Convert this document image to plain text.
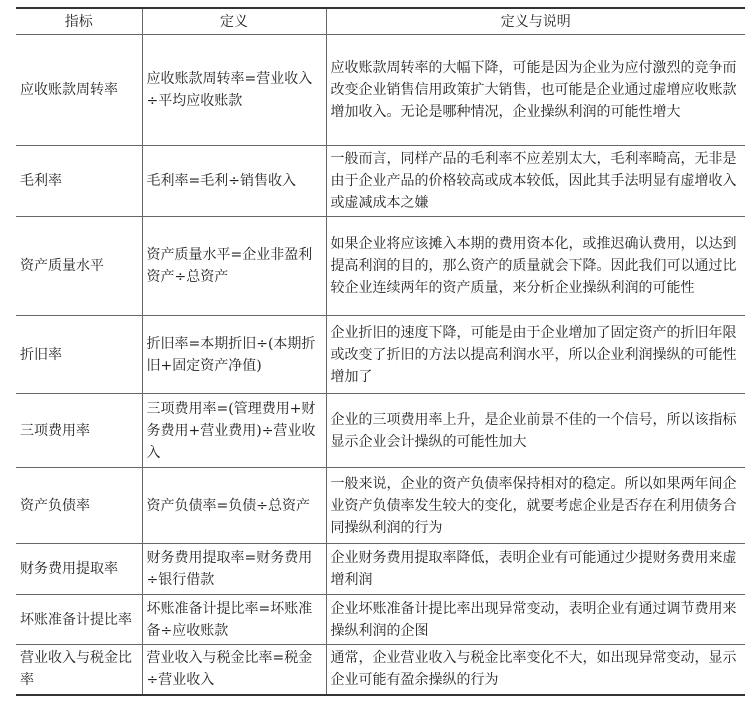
指标	定义	定义与说明
应收账款周转率	应收账款周转率=营业收入÷平均应收账款	应收账款周转率的大幅下降，可能是因为企业为应付激烈的竞争而改变企业销售信用政策扩大销售，也可能是企业通过虚增应收账款增加收入。无论是哪种情况，企业操纵利润的可能性增大
毛利率	毛利率=毛利÷销售收入	一般而言，同样产品的毛利率不应差别太大，毛利率畸高，无非是由于企业产品的价格较高或成本较低，因此其手法明显有虚增收入或虚减成本之嫌
资产质量水平	资产质量水平=企业非盈利资产÷总资产	如果企业将应该摊入本期的费用资本化，或推迟确认费用，以达到提高利润的目的，那么资产的质量就会下降。因此我们可以通过比较企业连续两年的资产质量，来分析企业操纵利润的可能性
折旧率	折旧率=本期折旧÷(本期折旧+固定资产净值)	企业折旧的速度下降，可能是由于企业增加了固定资产的折旧年限或改变了折旧的方法以提高利润水平，所以企业利润操纵的可能性增加了
三项费用率	三项费用率=(管理费用+财务费用+营业费用)÷营业收入	企业的三项费用率上升，是企业前景不佳的一个信号，所以该指标显示企业会计操纵的可能性加大
资产负债率	资产负债率=负债÷总资产	一般来说，企业的资产负债率保持相对的稳定。所以如果两年间企业资产负债率发生较大的变化，就要考虑企业是否存在利用债务合同操纵利润的行为
财务费用提取率	财务费用提取率=财务费用÷银行借款	企业财务费用提取率降低，表明企业有可能通过少提财务费用来虚增利润
坏账准备计提比率	坏账准备计提比率=坏账准备÷应收账款	企业坏账准备计提比率出现异常变动，表明企业有通过调节费用来操纵利润的企图
营业收入与税金比率	营业收入与税金比率=税金÷营业收入	通常，企业营业收入与税金比率变化不大，如出现异常变动，显示企业可能有盈余操纵的行为
